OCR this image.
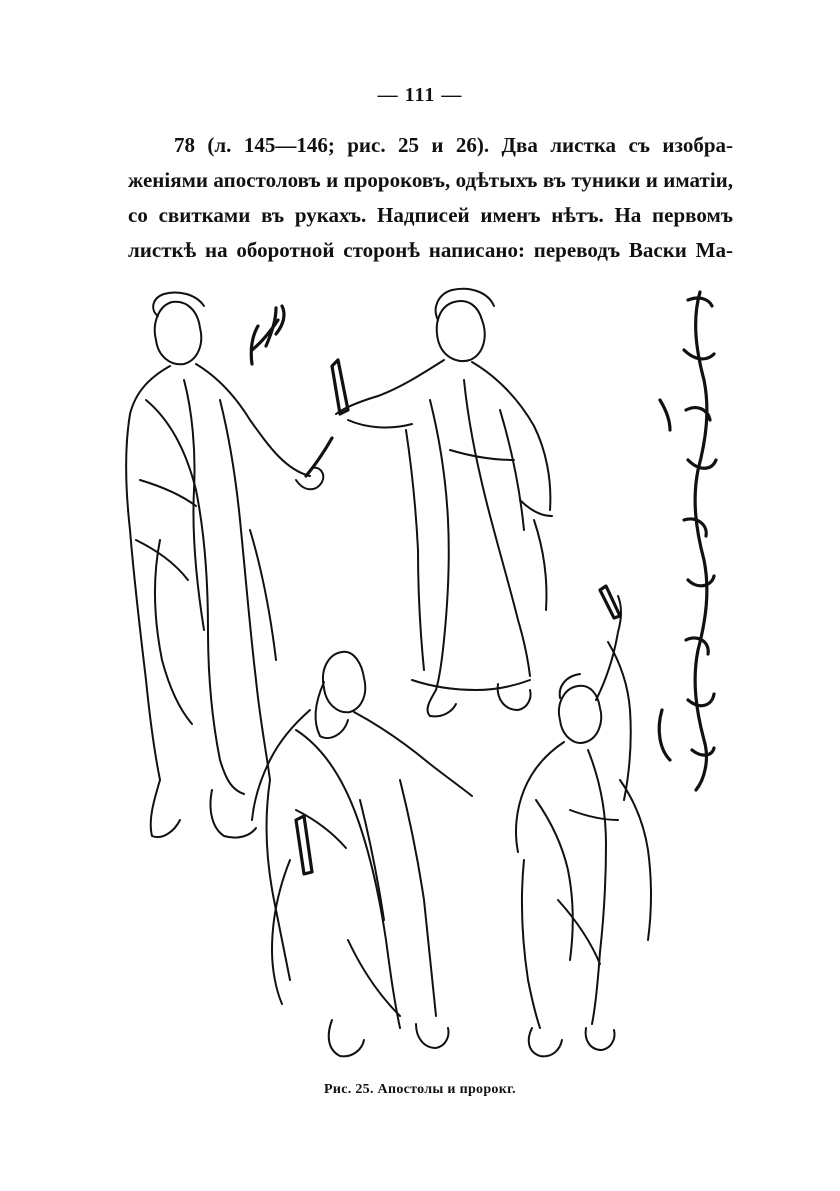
— 111 —
78 (л. 145—146; рис. 25 и 26). Два листка съ изобра-
женіями апостоловъ и пророковъ, одѣтыхъ въ туники и иматіи,
со свитками въ рукахъ. Надписей именъ нѣтъ. На первомъ
листкѣ на оборотной сторонѣ написано: переводъ Васки Ма-
Рис. 25. Апостолы и пророкг.
